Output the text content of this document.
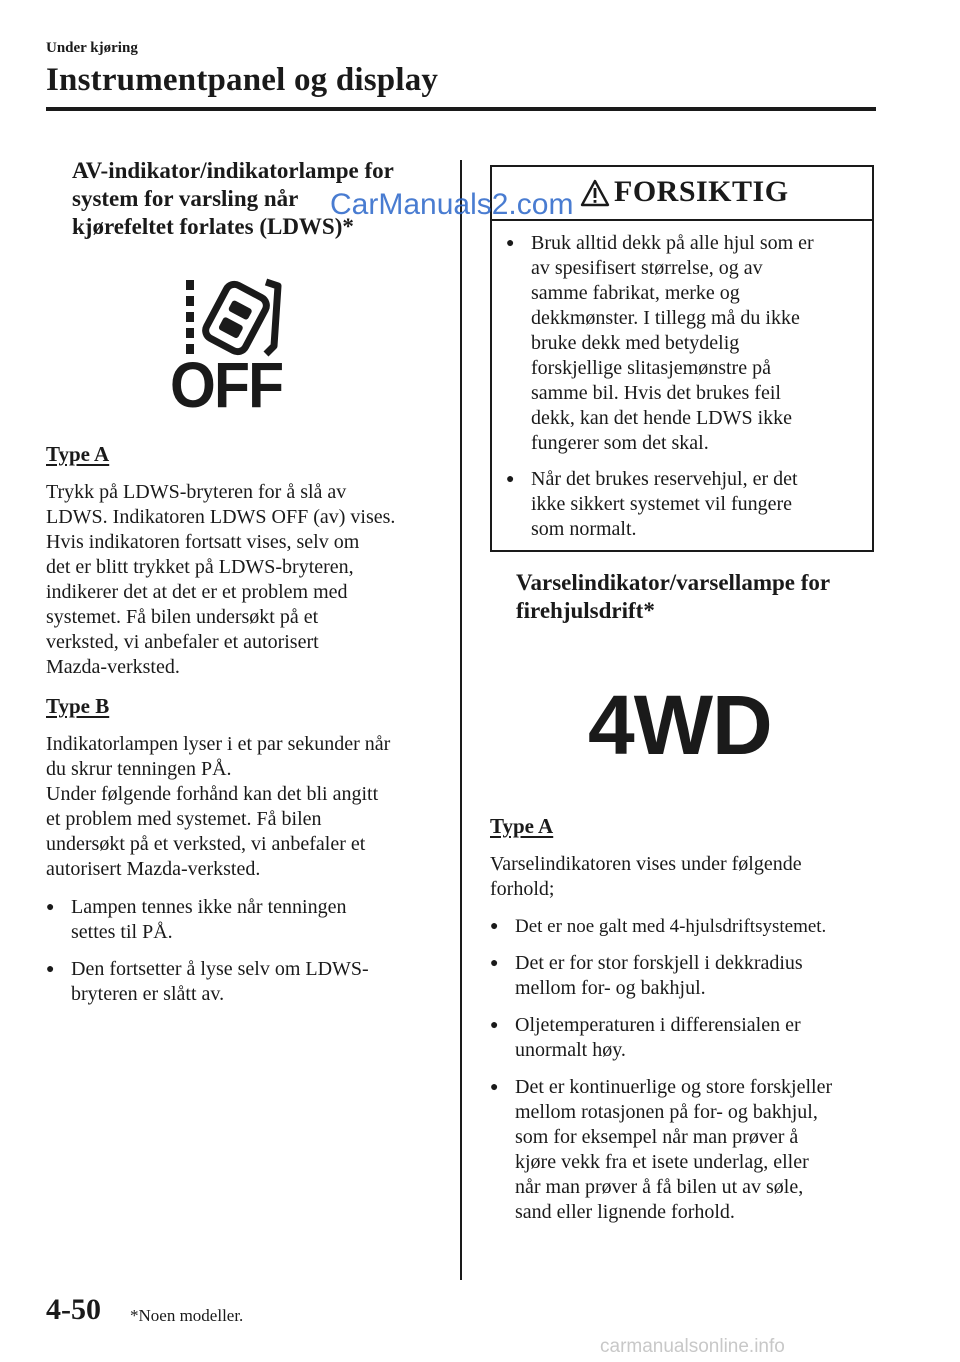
Under kjøring
Instrumentpanel og display
AV-indikator/indikatorlampe for
system for varsling når
kjørefeltet forlates (LDWS)*
OFF
Type A
Trykk på LDWS-bryteren for å slå av
LDWS. Indikatoren LDWS OFF (av) vises.
Hvis indikatoren fortsatt vises, selv om
det er blitt trykket på LDWS-bryteren,
indikerer det at det er et problem med
systemet. Få bilen undersøkt på et
verksted, vi anbefaler et autorisert
Mazda-verksted.
Type B
Indikatorlampen lyser i et par sekunder når
du skrur tenningen PÅ.
Under følgende forhånd kan det bli angitt
et problem med systemet. Få bilen
undersøkt på et verksted, vi anbefaler et
autorisert Mazda-verksted.
● Lampen tennes ikke når tenningen
settes til PÅ.
● Den fortsetter å lyse selv om LDWS-
bryteren er slått av.
FORSIKTIG
● Bruk alltid dekk på alle hjul som er
av spesifisert størrelse, og av
samme fabrikat, merke og
dekkmønster. I tillegg må du ikke
bruke dekk med betydelig
forskjellige slitasjemønstre på
samme bil. Hvis det brukes feil
dekk, kan det hende LDWS ikke
fungerer som det skal.
● Når det brukes reservehjul, er det
ikke sikkert systemet vil fungere
som normalt.
Varselindikator/varsellampe for
firehjulsdrift*
4WD
Type A
Varselindikatoren vises under følgende
forhold;
● Det er noe galt med 4-hjulsdriftsystemet.
● Det er for stor forskjell i dekkradius
mellom for- og bakhjul.
● Oljetemperaturen i differensialen er
unormalt høy.
● Det er kontinuerlige og store forskjeller
mellom rotasjonen på for- og bakhjul,
som for eksempel når man prøver å
kjøre vekk fra et isete underlag, eller
når man prøver å få bilen ut av søle,
sand eller lignende forhold.
CarManuals2.com
4-50 *Noen modeller.
carmanualsonline.info
